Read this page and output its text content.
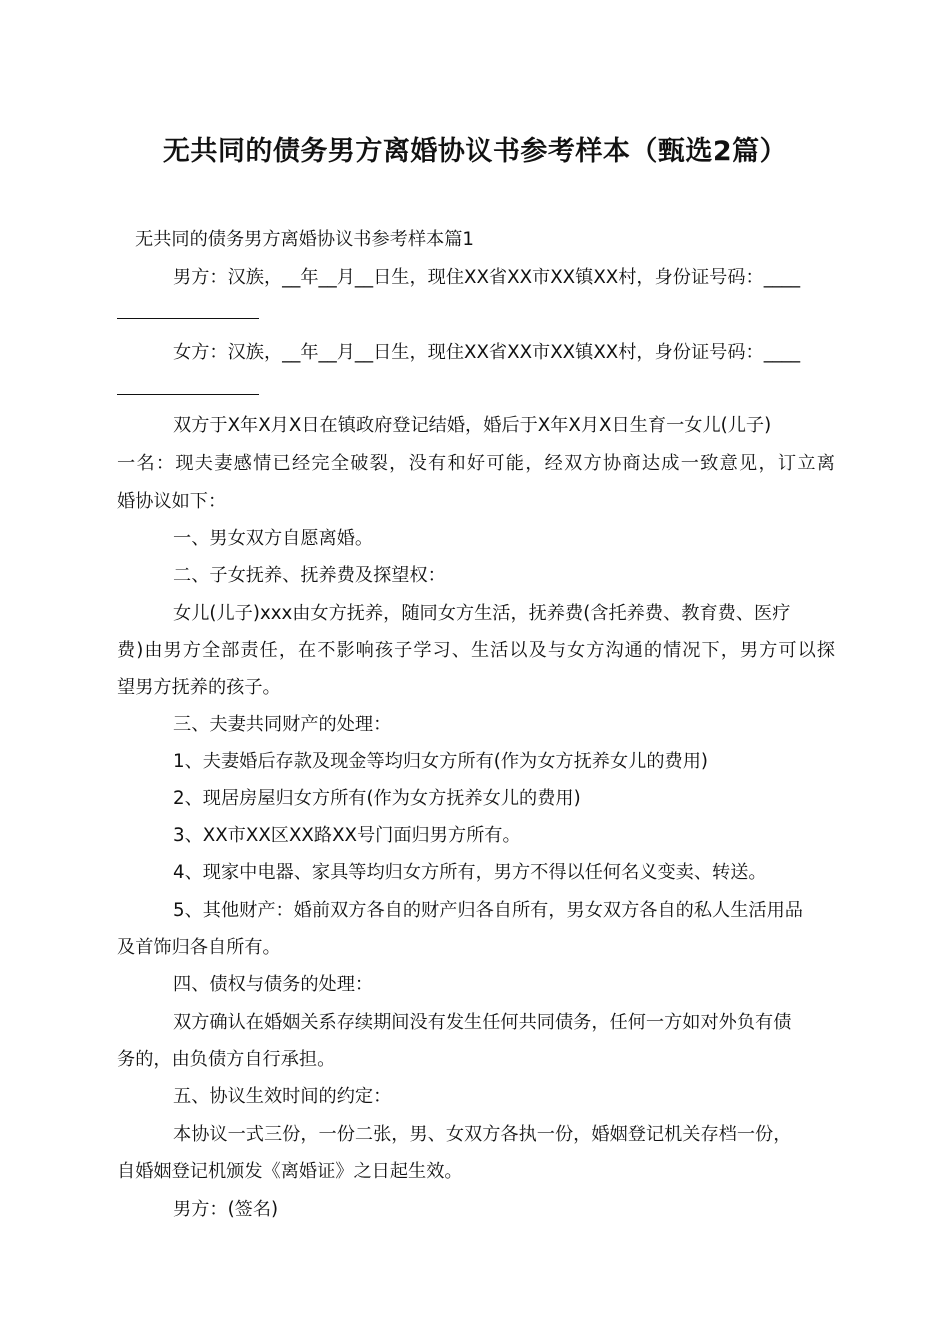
无共同的债务男方离婚协议书参考样本（甄选2篇）
无共同的债务男方离婚协议书参考样本篇1
男方：汉族，__年__月__日生，现住XX省XX市XX镇XX村，身份证号码：____
女方：汉族，__年__月__日生，现住XX省XX市XX镇XX村，身份证号码：____
双方于X年X月X日在镇政府登记结婚，婚后于X年X月X日生育一女儿(儿子)
一名：现夫妻感情已经完全破裂，没有和好可能，经双方协商达成一致意见，订立离
婚协议如下：
一、男女双方自愿离婚。
二、子女抚养、抚养费及探望权：
女儿(儿子)xxx由女方抚养，随同女方生活，抚养费(含托养费、教育费、医疗
费)由男方全部责任，在不影响孩子学习、生活以及与女方沟通的情况下，男方可以探
望男方抚养的孩子。
三、夫妻共同财产的处理：
1、夫妻婚后存款及现金等均归女方所有(作为女方抚养女儿的费用)
2、现居房屋归女方所有(作为女方抚养女儿的费用)
3、XX市XX区XX路XX号门面归男方所有。
4、现家中电器、家具等均归女方所有，男方不得以任何名义变卖、转送。
5、其他财产：婚前双方各自的财产归各自所有，男女双方各自的私人生活用品
及首饰归各自所有。
四、债权与债务的处理：
双方确认在婚姻关系存续期间没有发生任何共同债务，任何一方如对外负有债
务的，由负债方自行承担。
五、协议生效时间的约定：
本协议一式三份，一份二张，男、女双方各执一份，婚姻登记机关存档一份，
自婚姻登记机颁发《离婚证》之日起生效。
男方：(签名)
